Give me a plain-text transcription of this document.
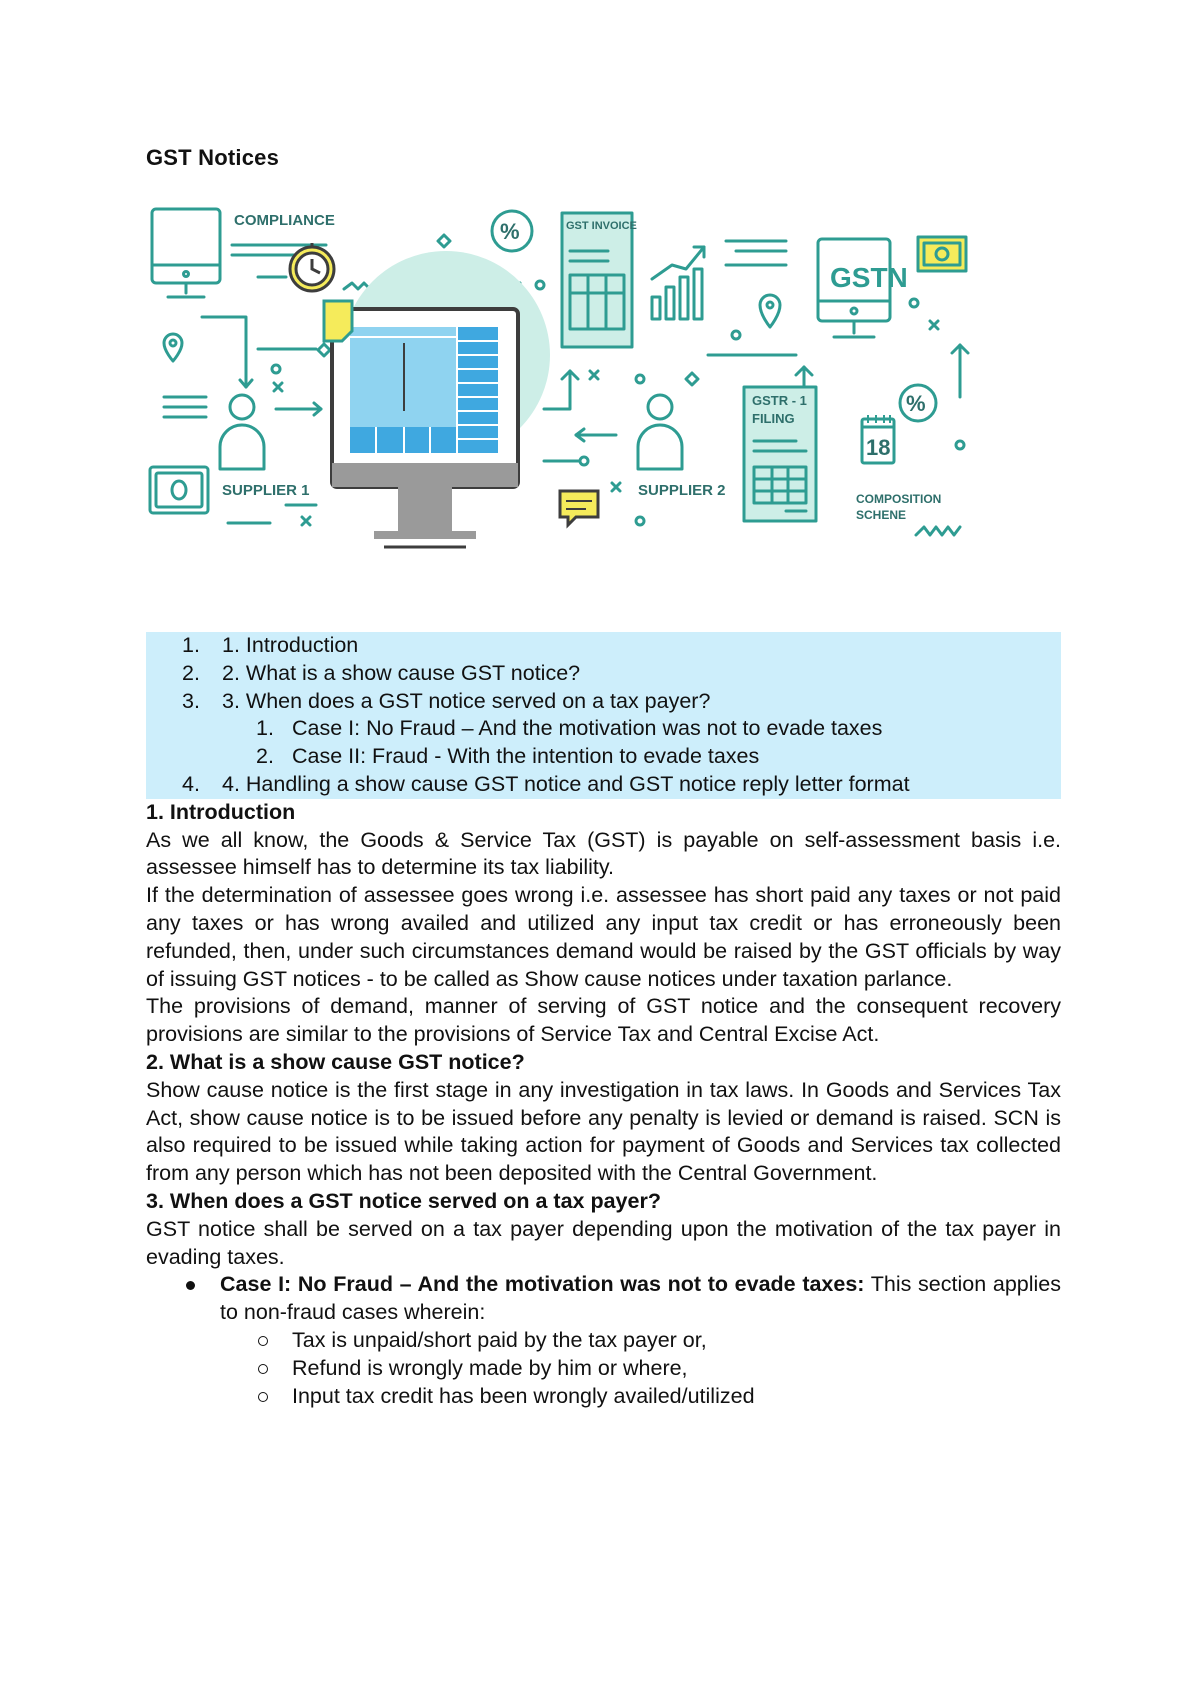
GST Notices
COMPLIANCE	GST INVOICE
SUPPLIER 1	SUPPLIER 2
GSTR - 1
FILING
GSTN
18
COMPOSITION
SCHENE
%
%
1. 1. Introduction
2. 2. What is a show cause GST notice?
3. 3. When does a GST notice served on a tax payer?
1. Case I: No Fraud – And the motivation was not to evade taxes
2. Case II: Fraud - With the intention to evade taxes
4. 4. Handling a show cause GST notice and GST notice reply letter format
1. Introduction

As we all know, the Goods & Service Tax (GST) is payable on self-assessment basis i.e. assessee himself has to determine its tax liability.

If the determination of assessee goes wrong i.e. assessee has short paid any taxes or not paid any taxes or has wrong availed and utilized any input tax credit or has erroneously been refunded, then, under such circumstances demand would be raised by the GST officials by way of issuing GST notices - to be called as Show cause notices under taxation parlance.

The provisions of demand, manner of serving of GST notice and the consequent recovery provisions are similar to the provisions of Service Tax and Central Excise Act.

2. What is a show cause GST notice?

Show cause notice is the first stage in any investigation in tax laws. In Goods and Services Tax Act, show cause notice is to be issued before any penalty is levied or demand is raised. SCN is also required to be issued while taking action for payment of Goods and Services tax collected from any person which has not been deposited with the Central Government.

3. When does a GST notice served on a tax payer?

GST notice shall be served on a tax payer depending upon the motivation of the tax payer in evading taxes.

Case I: No Fraud – And the motivation was not to evade taxes: This section applies to non-fraud cases wherein:
Tax is unpaid/short paid by the tax payer or,
Refund is wrongly made by him or where,
Input tax credit has been wrongly availed/utilized
